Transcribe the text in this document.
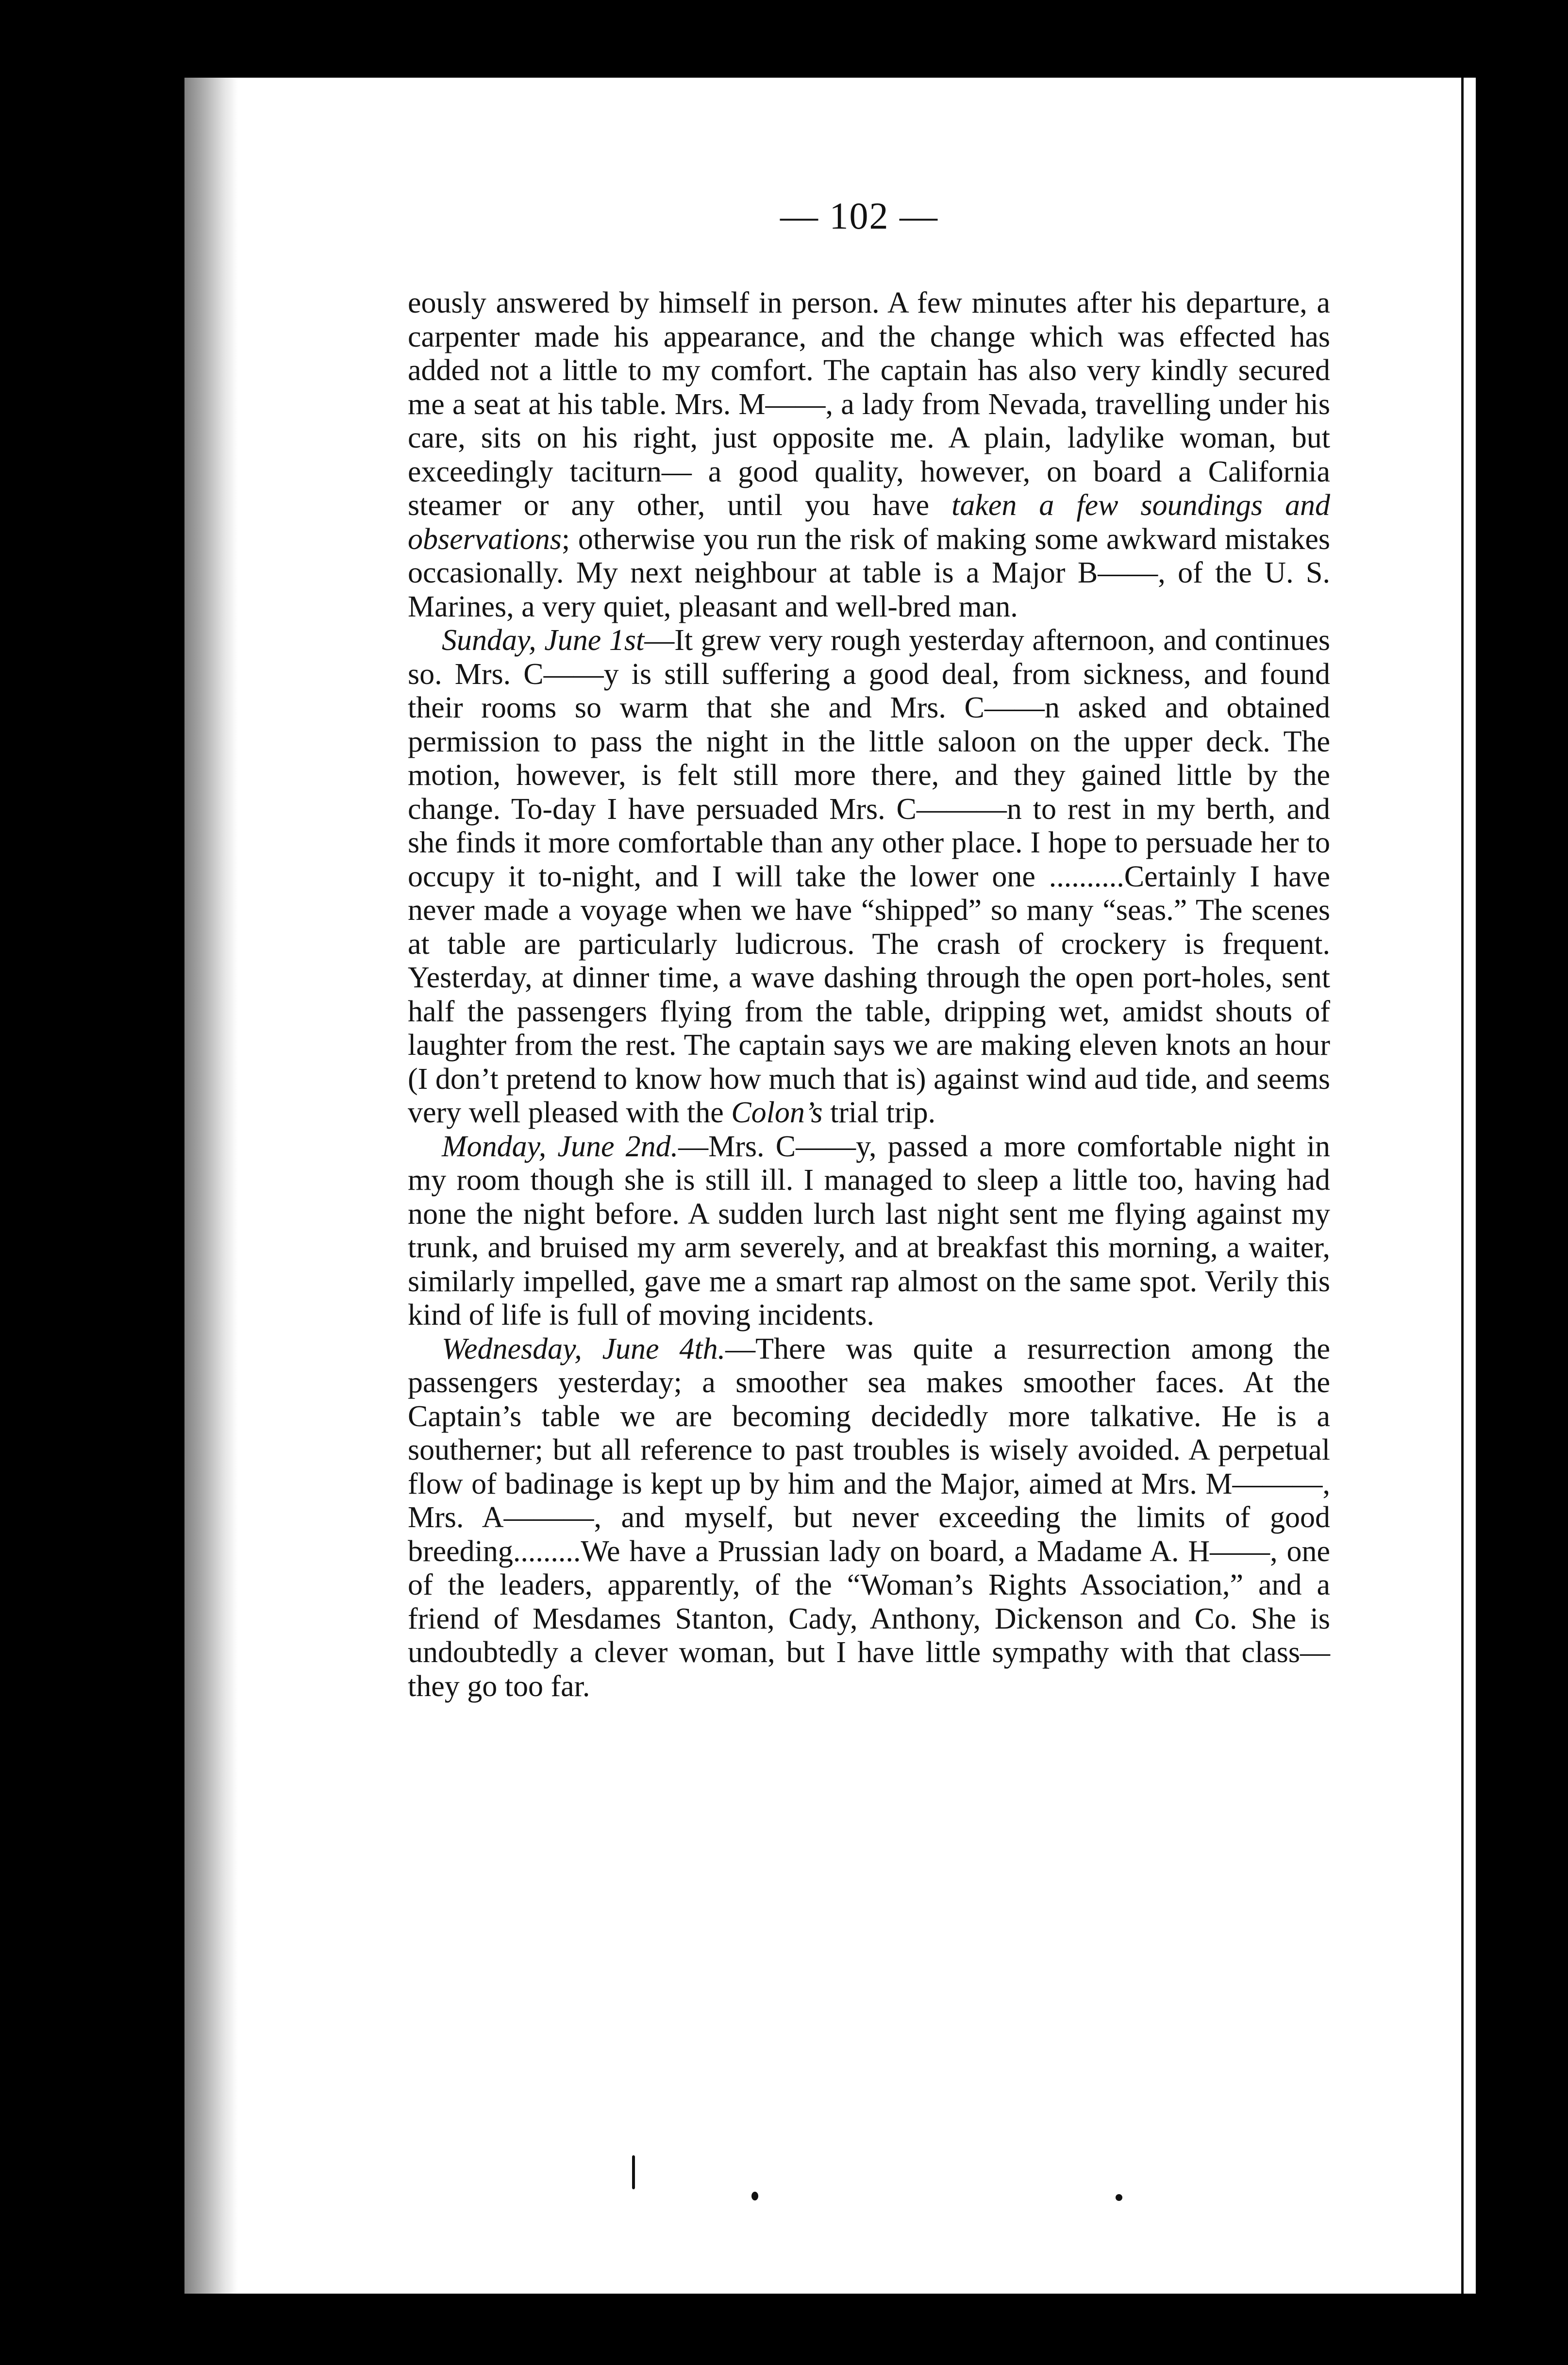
— 102 —

eously answered by himself in person. A few minutes after his departure, a carpenter made his appearance, and the change which was effected has added not a little to my comfort. The captain has also very kindly secured me a seat at his table. Mrs. M——, a lady from Nevada, travelling under his care, sits on his right, just opposite me. A plain, ladylike woman, but exceedingly taciturn— a good quality, however, on board a California steamer or any other, until you have taken a few soundings and observations; otherwise you run the risk of making some awkward mistakes occasionally. My next neighbour at table is a Major B——, of the U. S. Marines, a very quiet, pleasant and well-bred man.

Sunday, June 1st—It grew very rough yesterday afternoon, and continues so. Mrs. C——y is still suffering a good deal, from sickness, and found their rooms so warm that she and Mrs. C——n asked and obtained permission to pass the night in the little saloon on the upper deck. The motion, however, is felt still more there, and they gained little by the change. To-day I have persuaded Mrs. C———n to rest in my berth, and she finds it more comfortable than any other place. I hope to persuade her to occupy it to-night, and I will take the lower one ..........Certainly I have never made a voyage when we have “shipped” so many “seas.” The scenes at table are particularly ludicrous. The crash of crockery is frequent. Yesterday, at dinner time, a wave dashing through the open port-holes, sent half the passengers flying from the table, dripping wet, amidst shouts of laughter from the rest. The captain says we are making eleven knots an hour (I don’t pretend to know how much that is) against wind aud tide, and seems very well pleased with the Colon’s trial trip.

Monday, June 2nd.—Mrs. C——y, passed a more comfortable night in my room though she is still ill. I managed to sleep a little too, having had none the night before. A sudden lurch last night sent me flying against my trunk, and bruised my arm severely, and at breakfast this morning, a waiter, similarly impelled, gave me a smart rap almost on the same spot. Verily this kind of life is full of moving incidents.

Wednesday, June 4th.—There was quite a resurrection among the passengers yesterday; a smoother sea makes smoother faces. At the Captain’s table we are becoming decidedly more talkative. He is a southerner; but all reference to past troubles is wisely avoided. A perpetual flow of badinage is kept up by him and the Major, aimed at Mrs. M———, Mrs. A———, and myself, but never exceeding the limits of good breeding.........We have a Prussian lady on board, a Madame A. H——, one of the leaders, apparently, of the “Woman’s Rights Association,” and a friend of Mesdames Stanton, Cady, Anthony, Dickenson and Co. She is undoubtedly a clever woman, but I have little sympathy with that class—they go too far.
